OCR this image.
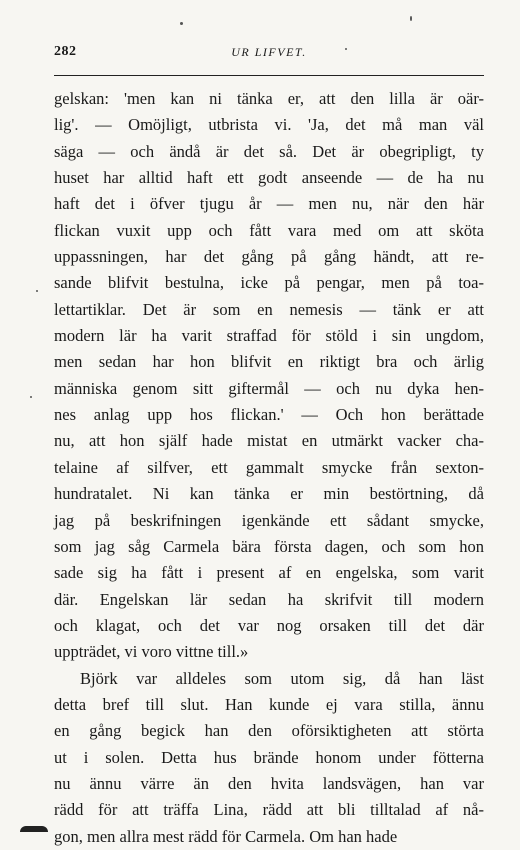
282	UR LIFVET.
gelskan: 'men kan ni tänka er, att den lilla är oär-
lig'. — Omöjligt, utbrista vi. 'Ja, det må man väl
säga — och ändå är det så. Det är obegripligt, ty
huset har alltid haft ett godt anseende — de ha nu
haft det i öfver tjugu år — men nu, när den här
flickan vuxit upp och fått vara med om att sköta
uppassningen, har det gång på gång händt, att re-
sande blifvit bestulna, icke på pengar, men på toa-
lettartiklar. Det är som en nemesis — tänk er att
modern lär ha varit straffad för stöld i sin ungdom,
men sedan har hon blifvit en riktigt bra och ärlig
människa genom sitt giftermål — och nu dyka hen-
nes anlag upp hos flickan.' — Och hon berättade
nu, att hon själf hade mistat en utmärkt vacker cha-
telaine af silfver, ett gammalt smycke från sexton-
hundratalet. Ni kan tänka er min bestörtning, då
jag på beskrifningen igenkände ett sådant smycke,
som jag såg Carmela bära första dagen, och som hon
sade sig ha fått i present af en engelska, som varit
där. Engelskan lär sedan ha skrifvit till modern
och klagat, och det var nog orsaken till det där
uppträdet, vi voro vittne till.»
Björk var alldeles som utom sig, då han läst
detta bref till slut. Han kunde ej vara stilla, ännu
en gång begick han den oförsiktigheten att störta
ut i solen. Detta hus brände honom under fötterna
nu ännu värre än den hvita landsvägen, han var
rädd för att träffa Lina, rädd att bli tilltalad af nå-
gon, men allra mest rädd för Carmela. Om han hade
